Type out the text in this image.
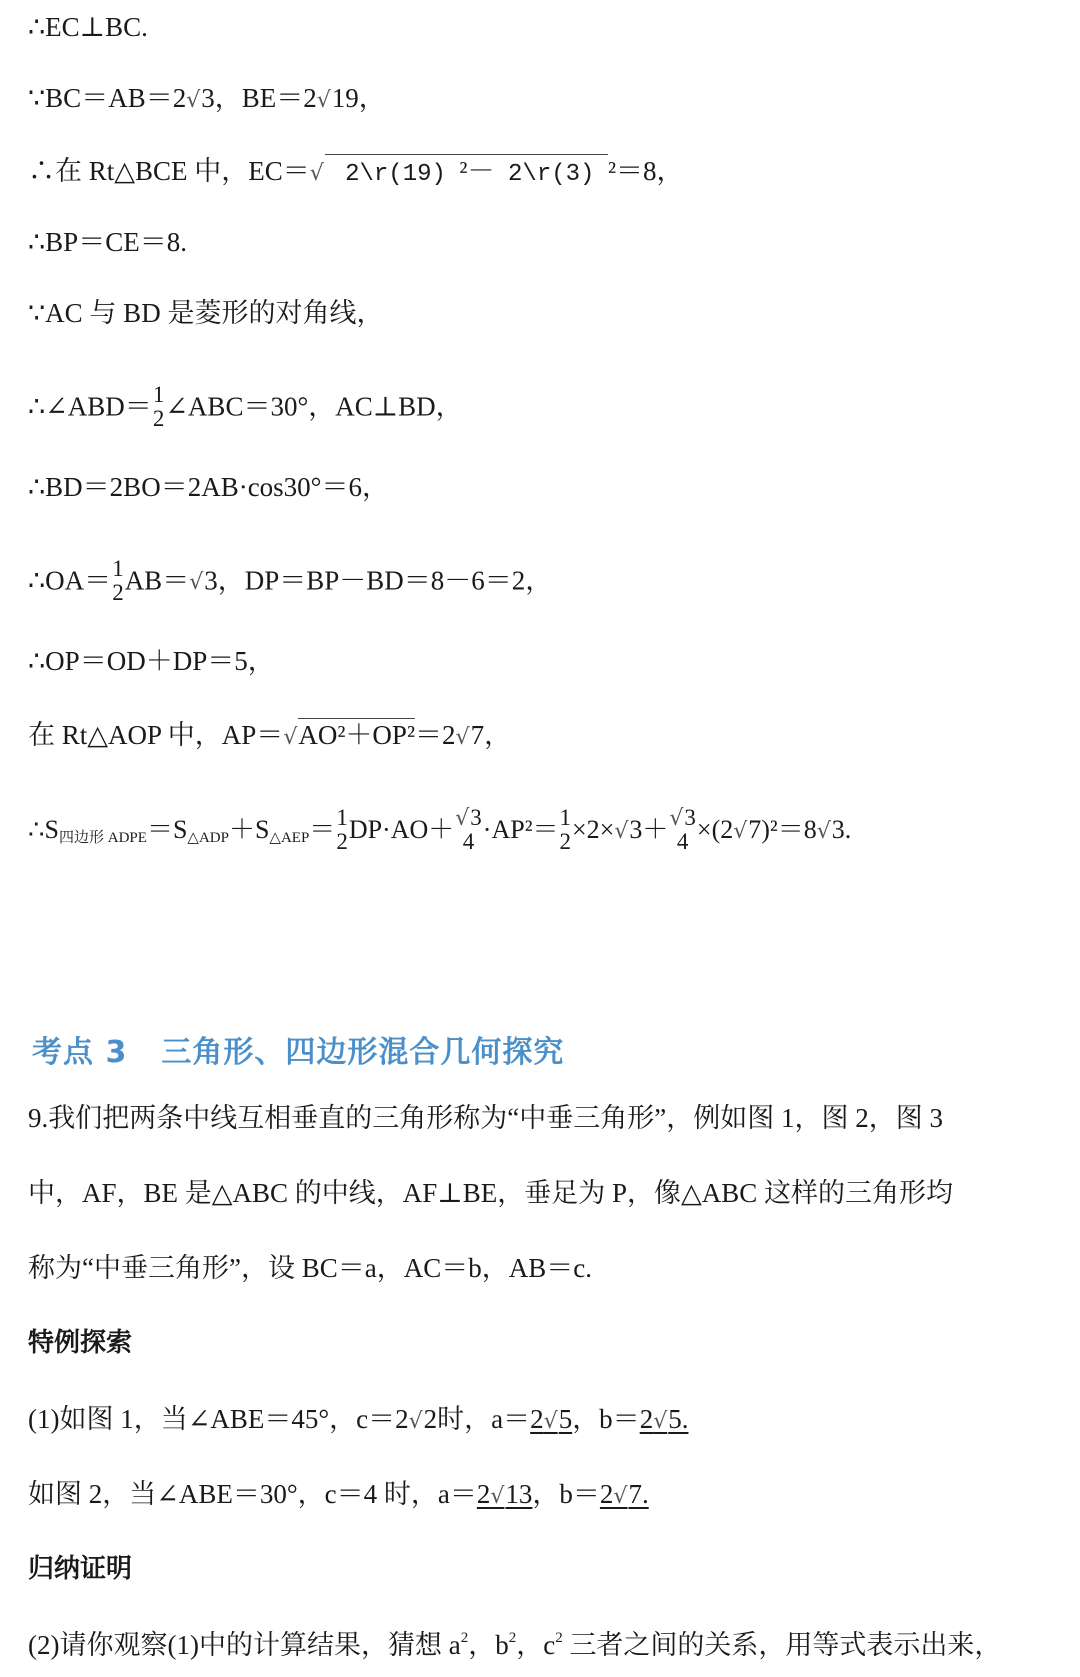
∴EC⊥BC.
∵BC＝AB＝2√3，BE＝2√19，
∴在 Rt△BCE 中，EC＝√ 2\r(19) ²－ 2\r(3) ²＝8，
∴BP＝CE＝8.
∵AC 与 BD 是菱形的对角线，
∴∠ABD＝ 1
2 ∠ABC＝30°，AC⊥BD，
∴BD＝2BO＝2AB·cos30°＝6，
∴OA＝ 1
2 AB＝√3，DP＝BP－BD＝8－6＝2，
∴OP＝OD＋DP＝5，
在 Rt△AOP 中，AP＝√AO²＋OP²＝2√7，
$\therefore S_{四边形 ADPE}=S_{\triangle ADP}+S_{\triangle AEP}= 1$
2 DP·AO＋ √3
4 ·AP²＝ 1
2 ×2×√3＋ √3
4 ×(2√7)²＝8√3.
考点 3 三角形、四边形混合几何探究
9.我们把两条中线互相垂直的三角形称为“中垂三角形”，例如图 1，图 2，图 3
中，AF，BE 是△ABC 的中线，AF⊥BE，垂足为 P，像△ABC 这样的三角形均
称为“中垂三角形”，设 BC＝a，AC＝b，AB＝c.
特例探索
(1)如图 1，当∠ABE＝45°，c＝2√2时，a＝2√5，b＝2√5.
如图 2，当∠ABE＝30°，c＝4 时，a＝2√13，b＝2√7.
归纳证明
(2)请你观察(1)中的计算结果，猜想 $a^2$，$b^2$，$c^2$ 三者之间的关系，用等式表示出来，
